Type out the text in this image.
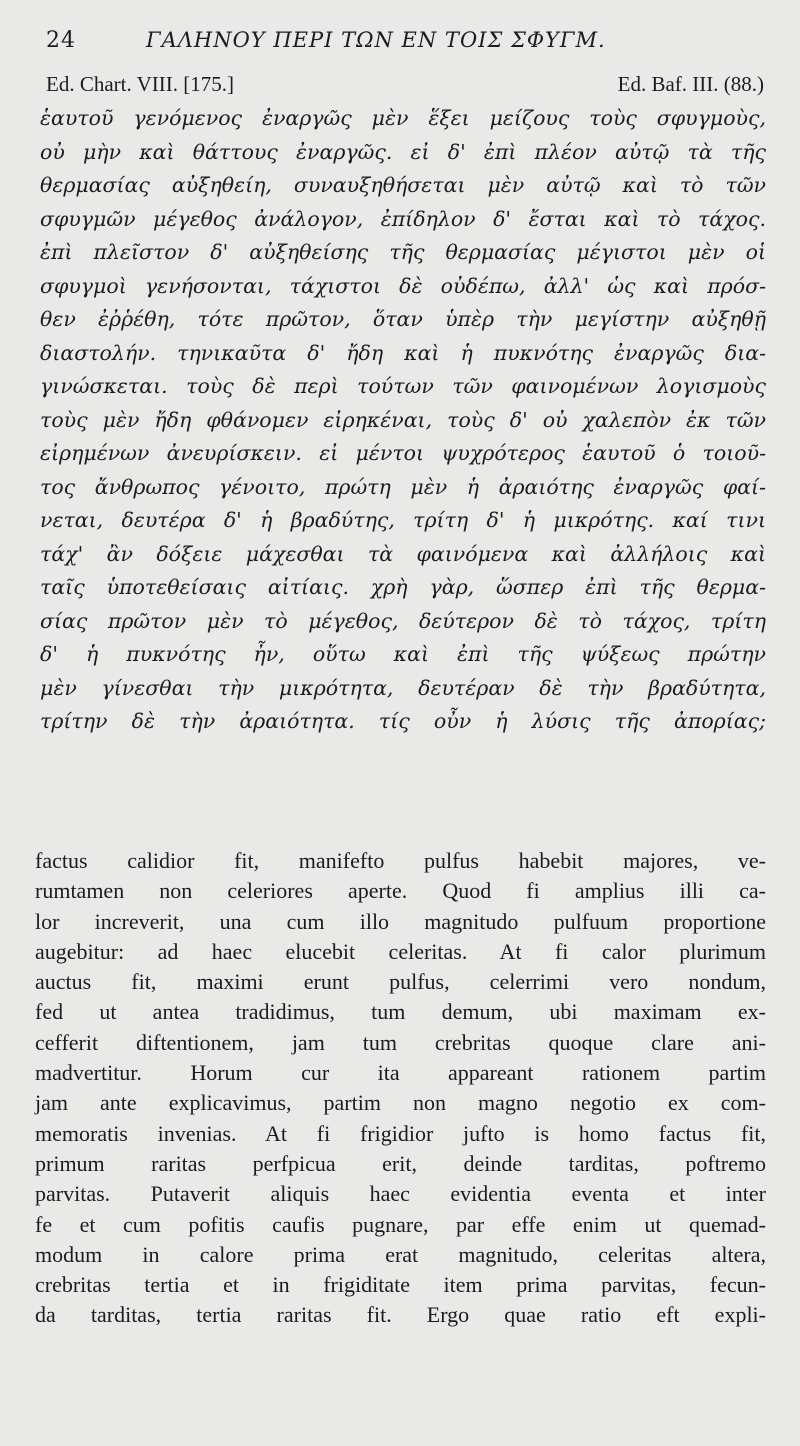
24	ΓΑΛΗΝΟΥ ΠΕΡΙ ΤΩΝ ΕΝ ΤΟΙΣ ΣΦΥΓΜ.
Ed. Chart. VIII. [175.]	Ed. Baf. III. (88.)
ἑαυτοῦ γενόμενος ἐναργῶς μὲν ἕξει μείζους τοὺς σφυγμοὺς,
οὐ μὴν καὶ θάττους ἐναργῶς. εἰ δ' ἐπὶ πλέον αὐτῷ τὰ τῆς
θερμασίας αὐξηθείη, συναυξηθήσεται μὲν αὐτῷ καὶ τὸ τῶν
σφυγμῶν μέγεθος ἀνάλογον, ἐπίδηλον δ' ἔσται καὶ τὸ τάχος.
ἐπὶ πλεῖστον δ' αὐξηθείσης τῆς θερμασίας μέγιστοι μὲν οἱ
σφυγμοὶ γενήσονται, τάχιστοι δὲ οὐδέπω, ἀλλ' ὡς καὶ πρόσ-
θεν ἐῤῥέθη, τότε πρῶτον, ὅταν ὑπὲρ τὴν μεγίστην αὐξηθῇ
διαστολήν. τηνικαῦτα δ' ἤδη καὶ ἡ πυκνότης ἐναργῶς δια-
γινώσκεται. τοὺς δὲ περὶ τούτων τῶν φαινομένων λογισμοὺς
τοὺς μὲν ἤδη φθάνομεν εἰρηκέναι, τοὺς δ' οὐ χαλεπὸν ἐκ τῶν
εἰρημένων ἀνευρίσκειν. εἰ μέντοι ψυχρότερος ἑαυτοῦ ὁ τοιοῦ-
τος ἄνθρωπος γένοιτο, πρώτη μὲν ἡ ἀραιότης ἐναργῶς φαί-
νεται, δευτέρα δ' ἡ βραδύτης, τρίτη δ' ἡ μικρότης. καί τινι
τάχ' ἂν δόξειε μάχεσθαι τὰ φαινόμενα καὶ ἀλλήλοις καὶ
ταῖς ὑποτεθείσαις αἰτίαις. χρὴ γὰρ, ὥσπερ ἐπὶ τῆς θερμα-
σίας πρῶτον μὲν τὸ μέγεθος, δεύτερον δὲ τὸ τάχος, τρίτη
δ' ἡ πυκνότης ἦν, οὕτω καὶ ἐπὶ τῆς ψύξεως πρώτην
μὲν γίνεσθαι τὴν μικρότητα, δευτέραν δὲ τὴν βραδύτητα,
τρίτην δὲ τὴν ἀραιότητα. τίς οὖν ἡ λύσις τῆς ἀπορίας;
factus calidior fit, manifefto pulfus habebit majores, ve-
rumtamen non celeriores aperte. Quod fi amplius illi ca-
lor increverit, una cum illo magnitudo pulfuum proportione
augebitur: ad haec elucebit celeritas. At fi calor plurimum
auctus fit, maximi erunt pulfus, celerrimi vero nondum,
fed ut antea tradidimus, tum demum, ubi maximam ex-
cefferit diftentionem, jam tum crebritas quoque clare ani-
madvertitur. Horum cur ita appareant rationem partim
jam ante explicavimus, partim non magno negotio ex com-
memoratis invenias. At fi frigidior jufto is homo factus fit,
primum raritas perfpicua erit, deinde tarditas, poftremo
parvitas. Putaverit aliquis haec evidentia eventa et inter
fe et cum pofitis caufis pugnare, par effe enim ut quemad-
modum in calore prima erat magnitudo, celeritas altera,
crebritas tertia et in frigiditate item prima parvitas, fecun-
da tarditas, tertia raritas fit. Ergo quae ratio eft expli-
